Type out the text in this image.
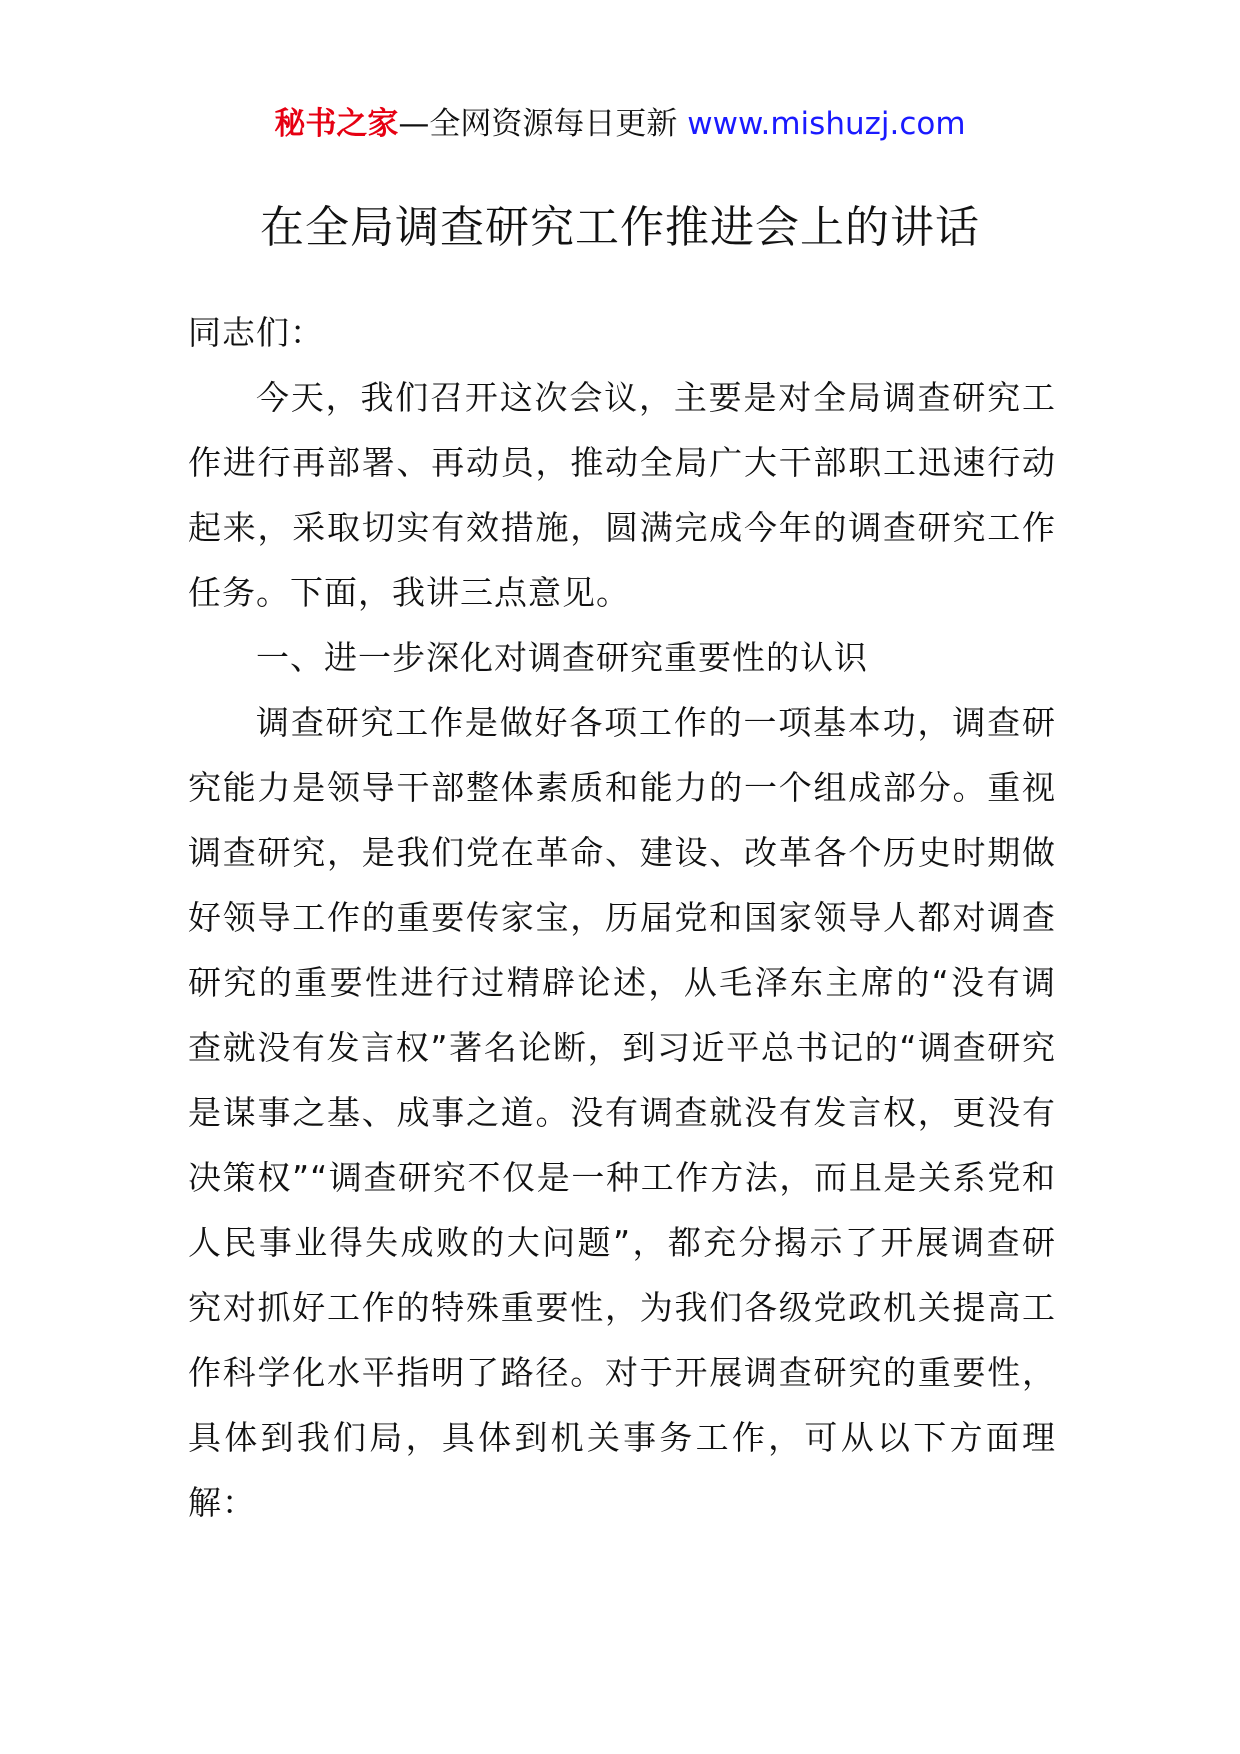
秘书之家—全网资源每日更新 www.mishuzj.com
在全局调查研究工作推进会上的讲话

同志们：

今天，我们召开这次会议，主要是对全局调查研究工作进行再部署、再动员，推动全局广大干部职工迅速行动起来，采取切实有效措施，圆满完成今年的调查研究工作任务。下面，我讲三点意见。

一、进一步深化对调查研究重要性的认识

调查研究工作是做好各项工作的一项基本功，调查研究能力是领导干部整体素质和能力的一个组成部分。重视调查研究，是我们党在革命、建设、改革各个历史时期做好领导工作的重要传家宝，历届党和国家领导人都对调查研究的重要性进行过精辟论述，从毛泽东主席的“没有调查就没有发言权”著名论断，到习近平总书记的“调查研究是谋事之基、成事之道。没有调查就没有发言权，更没有决策权”“调查研究不仅是一种工作方法，而且是关系党和人民事业得失成败的大问题”，都充分揭示了开展调查研究对抓好工作的特殊重要性，为我们各级党政机关提高工作科学化水平指明了路径。对于开展调查研究的重要性，具体到我们局，具体到机关事务工作，可从以下方面理解：
